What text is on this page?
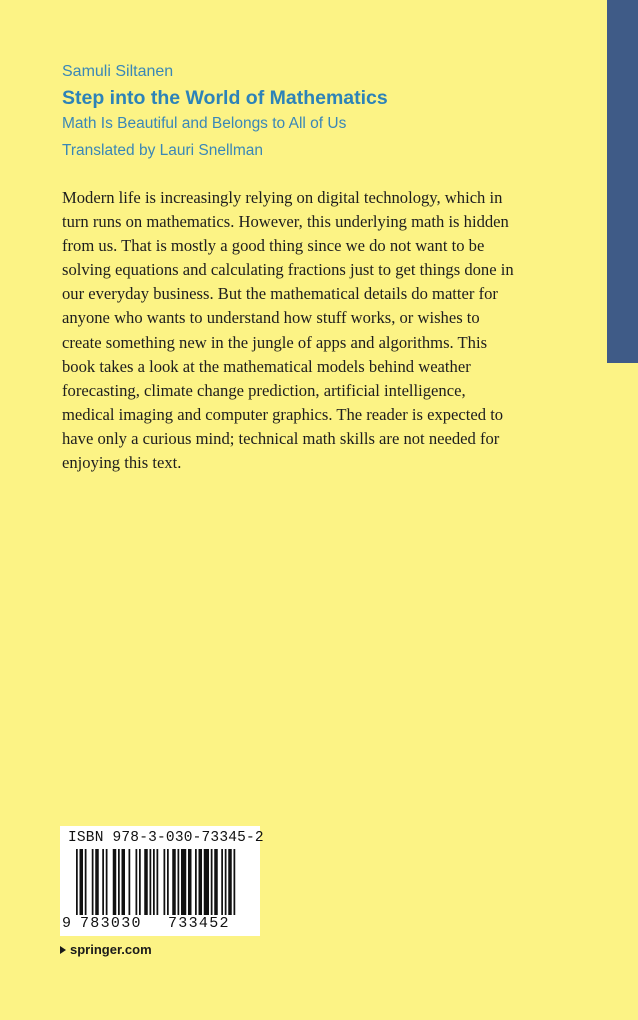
Samuli Siltanen

Step into the World of Mathematics

Math Is Beautiful and Belongs to All of Us

Translated by Lauri Snellman

Modern life is increasingly relying on digital technology, which in turn runs on mathematics. However, this underlying math is hidden from us. That is mostly a good thing since we do not want to be solving equations and calculating fractions just to get things done in our everyday business. But the mathematical details do matter for anyone who wants to understand how stuff works, or wishes to create something new in the jungle of apps and algorithms. This book takes a look at the mathematical models behind weather forecasting, climate change prediction, artificial intelligence, medical imaging and computer graphics. The reader is expected to have only a curious mind; technical math skills are not needed for enjoying this text.

ISBN 978-3-030-73345-2
9 783030 733452
springer.com
